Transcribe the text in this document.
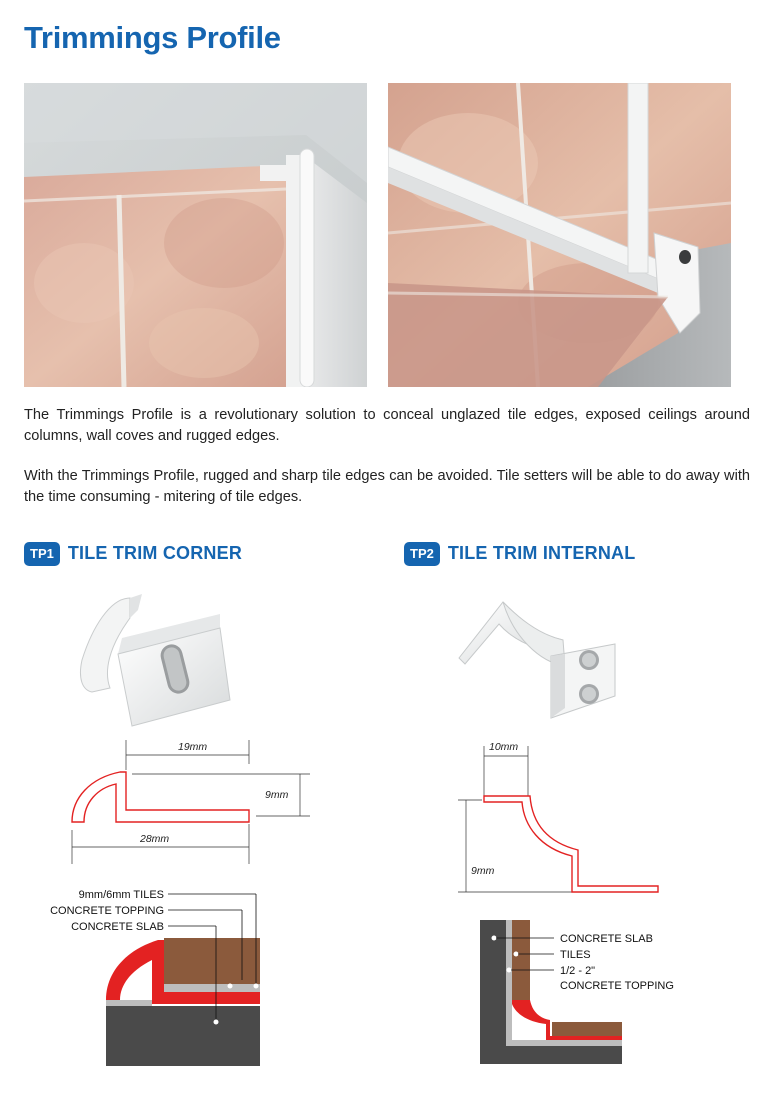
Trimmings Profile

The Trimmings Profile is a revolutionary solution to conceal unglazed tile edges, exposed ceilings around columns, wall coves and rugged edges.

With the Trimmings Profile, rugged and sharp tile edges can be avoided. Tile setters will be able to do away with the time consuming - mitering of tile edges.

TP1 TILE TRIM CORNER	TP2 TILE TRIM INTERNAL
19mm
9mm
28mm
10mm
9mm
9mm/6mm TILES
CONCRETE TOPPING
CONCRETE SLAB
CONCRETE SLAB
TILES
1/2 - 2"
CONCRETE TOPPING
